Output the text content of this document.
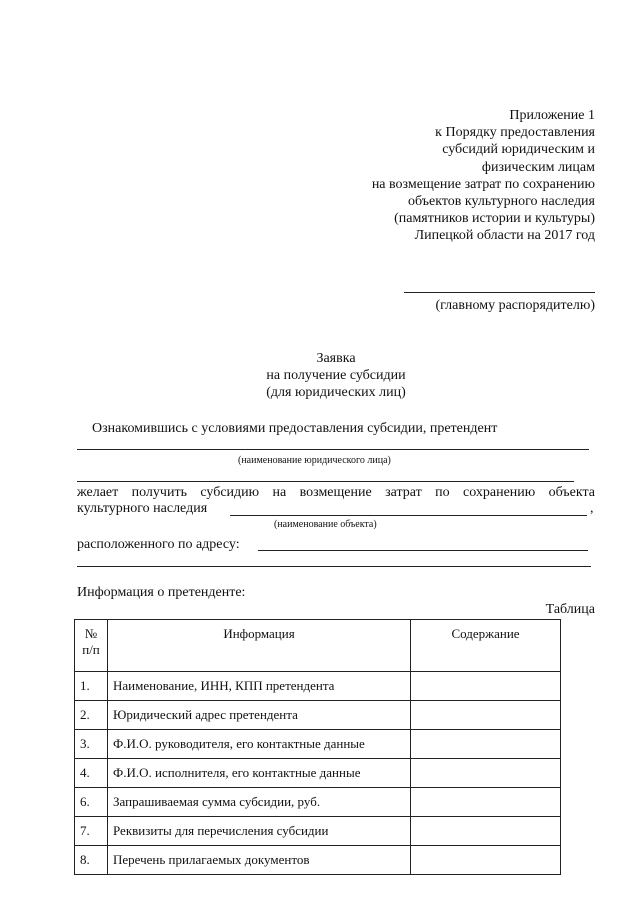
Приложение 1
к Порядку предоставления
субсидий юридическим и
физическим лицам
на возмещение затрат по сохранению
объектов культурного наследия
(памятников истории и культуры)
Липецкой области на 2017 год
(главному распорядителю)
Заявка
на получение субсидии
(для юридических лиц)
Ознакомившись с условиями предоставления субсидии, претендент
(наименование юридического лица)
желает получить субсидию на возмещение затрат по сохранению объекта
культурного наследия	,
(наименование объекта)
расположенного по адресу:
Информация о претенденте:
Таблица
№ п/п	Информация	Содержание
1.	Наименование, ИНН, КПП претендента	
2.	Юридический адрес претендента	
3.	Ф.И.О. руководителя, его контактные данные	
4.	Ф.И.О. исполнителя, его контактные данные	
6.	Запрашиваемая сумма субсидии, руб.	
7.	Реквизиты для перечисления субсидии	
8.	Перечень прилагаемых документов	
